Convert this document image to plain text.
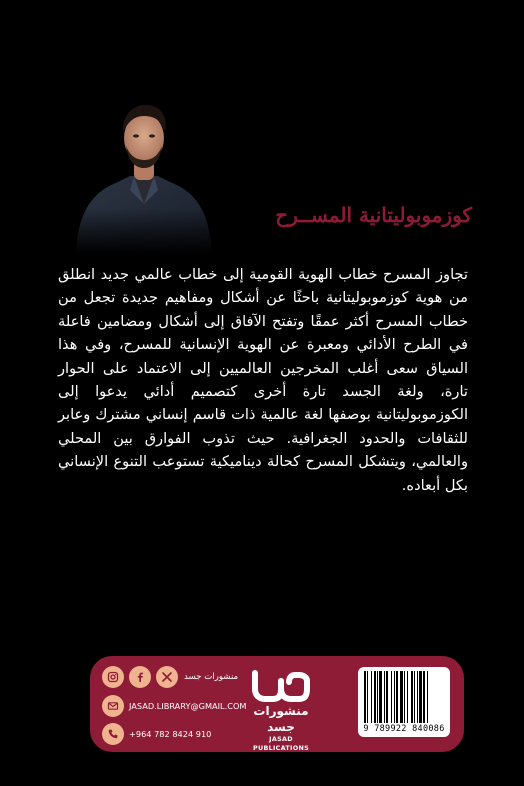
كوزموبوليتانية المســرح

تجاوز المسرح خطاب الهوية القومية إلى خطاب عالمي جديد انطلق من هوية كوزموبوليتانية باحثًا عن أشكال ومفاهيم جديدة تجعل من خطاب المسرح أكثر عمقًا وتفتح الآفاق إلى أشكال ومضامين فاعلة في الطرح الأدائي ومعبرة عن الهوية الإنسانية للمسرح، وفي هذا السياق سعى أغلب المخرجين العالميين إلى الاعتماد على الحوار تارة، ولغة الجسد تارة أخرى كتصميم أدائي يدعوا إلى الكوزموبوليتانية بوصفها لغة عالمية ذات قاسم إنساني مشترك وعابر للثقافات والحدود الجغرافية. حيث تذوب الفوارق بين المحلي والعالمي، ويتشكل المسرح كحالة ديناميكية تستوعب التنوع الإنساني بكل أبعاده.

منشورات جسد
JASAD.LIBRARY@GMAIL.COM
+964 782 8424 910
منشورات جسد
JASAD PUBLICATIONS
9 789922 840086
